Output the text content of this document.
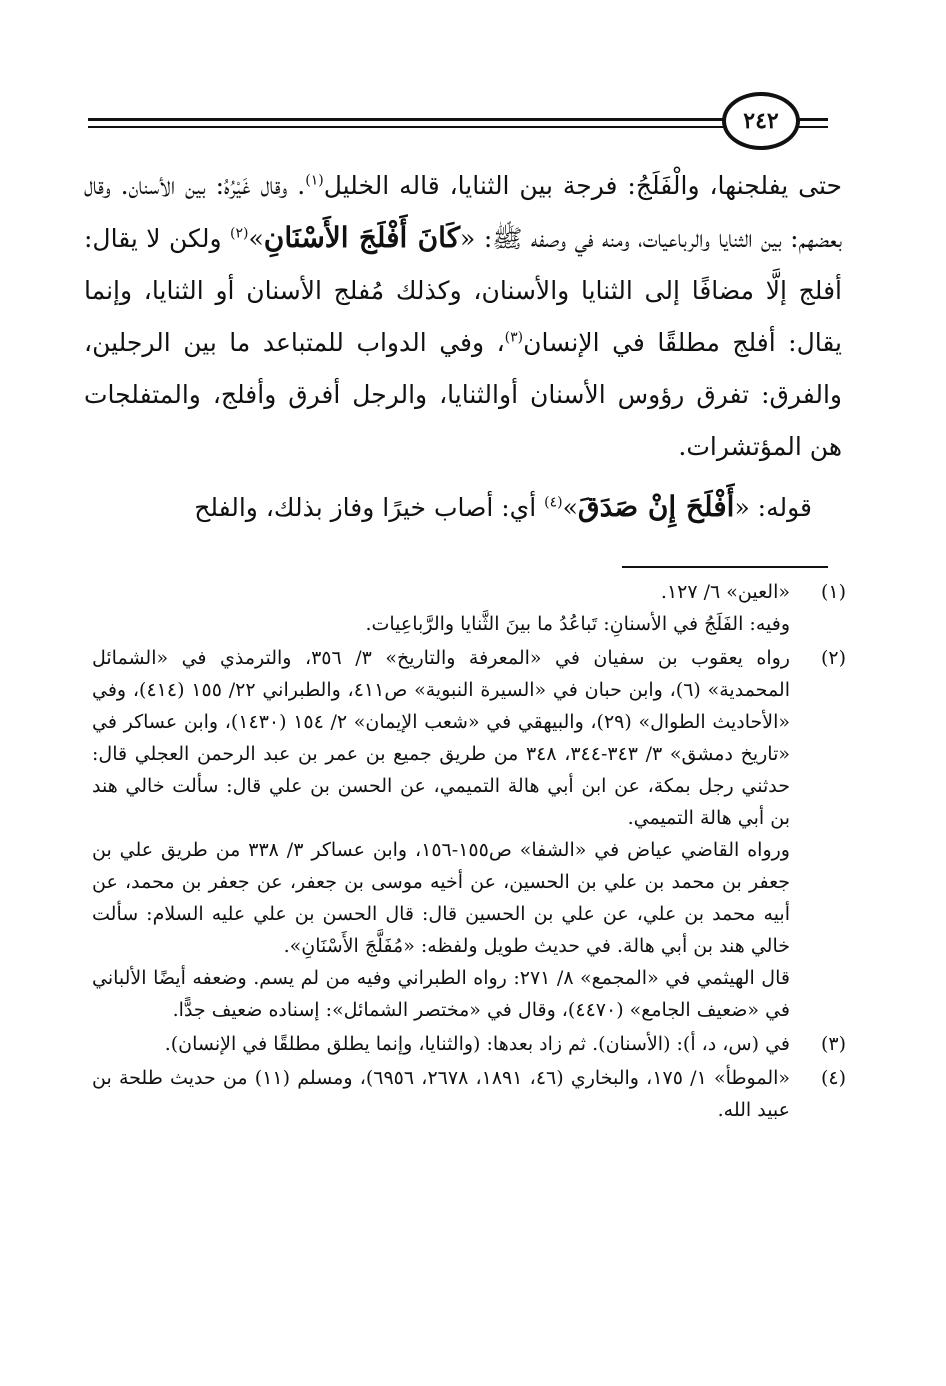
٢٤٢

حتى يفلجنها، والْفَلَجُ: فرجة بين الثنايا، قاله الخليل$^{(١)}$. وقال غَيْرُهُ: بين الأسنان. وقال بعضهم: بين الثنايا والرباعيات، ومنه في وصفه ﷺ: «كَانَ أَفْلَجَ الأَسْنَانِ»$^{(٢)}$ ولكن لا يقال: أفلج إلَّا مضافًا إلى الثنايا والأسنان، وكذلك مُفلج الأسنان أو الثنايا، وإنما يقال: أفلج مطلقًا في الإنسان$^{(٣)}$، وفي الدواب للمتباعد ما بين الرجلين، والفرق: تفرق رؤوس الأسنان أوالثنايا، والرجل أفرق وأفلج، والمتفلجات هن المؤتشرات.

قوله: «أَفْلَحَ إِنْ صَدَقَ»$^{(٤)}$ أي: أصاب خيرًا وفاز بذلك، والفلح

(١)

«العين» ٦/ ١٢٧.

وفيه: الفَلَجُ في الأسنانِ: تَباعُدُ ما بينَ الثَّنايا والرَّباعِيات.

(٢)

رواه يعقوب بن سفيان في «المعرفة والتاريخ» ٣/ ٣٥٦، والترمذي في «الشمائل المحمدية» (٦)، وابن حبان في «السيرة النبوية» ص٤١١، والطبراني ٢٢/ ١٥٥ (٤١٤)، وفي «الأحاديث الطوال» (٢٩)، والبيهقي في «شعب الإيمان» ٢/ ١٥٤ (١٤٣٠)، وابن عساكر في «تاريخ دمشق» ٣/ ٣٤٣-٣٤٤، ٣٤٨ من طريق جميع بن عمر بن عبد الرحمن العجلي قال: حدثني رجل بمكة، عن ابن أبي هالة التميمي، عن الحسن بن علي قال: سألت خالي هند بن أبي هالة التميمي.

ورواه القاضي عياض في «الشفا» ص١٥٥-١٥٦، وابن عساكر ٣/ ٣٣٨ من طريق علي بن جعفر بن محمد بن علي بن الحسين، عن أخيه موسى بن جعفر، عن جعفر بن محمد، عن أبيه محمد بن علي، عن علي بن الحسين قال: قال الحسن بن علي عليه السلام: سألت خالي هند بن أبي هالة. في حديث طويل ولفظه: «مُفَلَّجَ الأَسْنَانِ».

قال الهيثمي في «المجمع» ٨/ ٢٧١: رواه الطبراني وفيه من لم يسم. وضعفه أيضًا الألباني في «ضعيف الجامع» (٤٤٧٠)، وقال في «مختصر الشمائل»: إسناده ضعيف جدًّا.

(٣)

في (س، د، أ): (الأسنان). ثم زاد بعدها: (والثنايا، وإنما يطلق مطلقًا في الإنسان).

(٤)

«الموطأ» ١/ ١٧٥، والبخاري (٤٦، ١٨٩١، ٢٦٧٨، ٦٩٥٦)، ومسلم (١١) من حديث طلحة بن عبيد الله.
